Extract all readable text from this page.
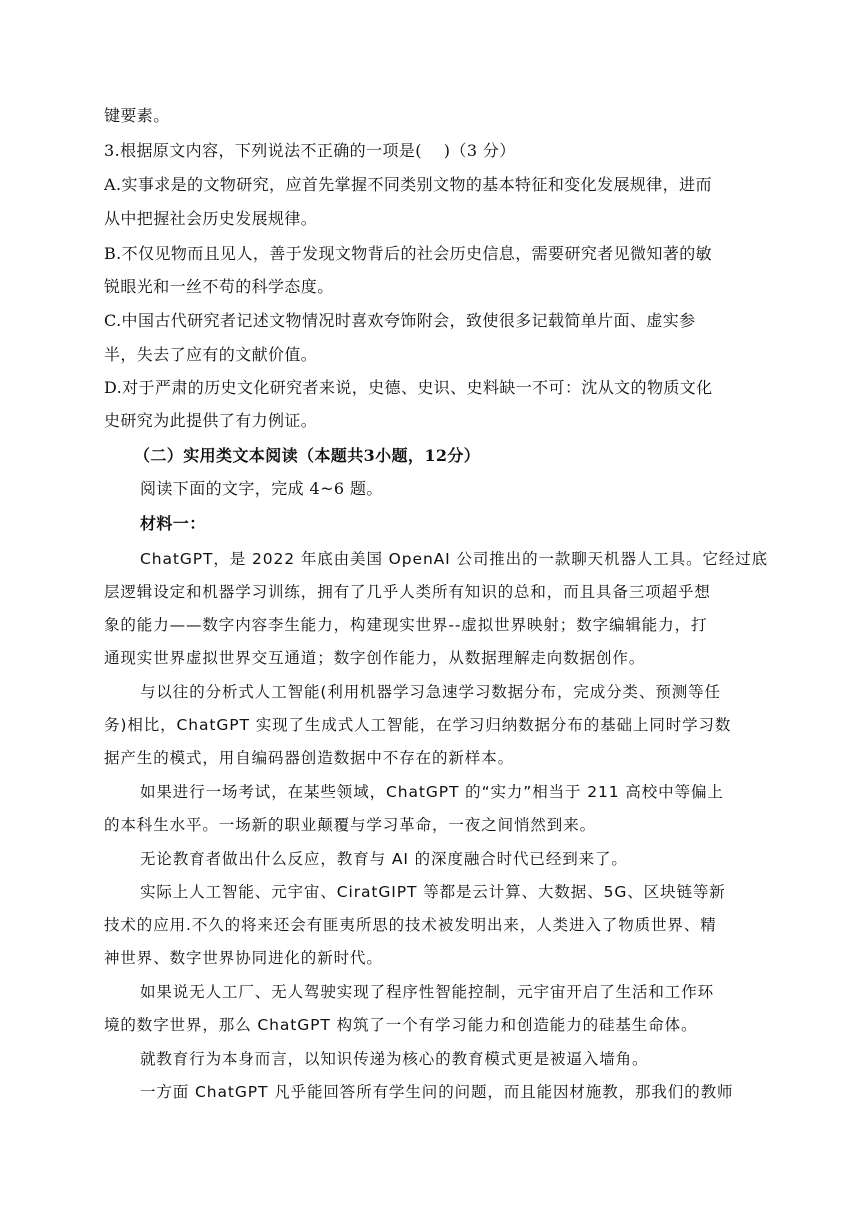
键要素。
3.根据原文内容，下列说法不正确的一项是(　 )（3 分）
A.实事求是的文物研究，应首先掌握不同类别文物的基本特征和变化发展规律，进而
从中把握社会历史发展规律。
B.不仅见物而且见人，善于发现文物背后的社会历史信息，需要研究者见微知著的敏
锐眼光和一丝不苟的科学态度。
C.中国古代研究者记述文物情况时喜欢夸饰附会，致使很多记载简单片面、虚实参
半，失去了应有的文献价值。
D.对于严肃的历史文化研究者来说，史德、史识、史料缺一不可：沈从文的物质文化
史研究为此提供了有力例证。
（二）实用类文本阅读（本题共3小题，12分）
阅读下面的文字，完成 4~6 题。
材料一：
ChatGPT，是 2022 年底由美国 OpenAI 公司推出的一款聊天机器人工具。它经过底
层逻辑设定和机器学习训练，拥有了几乎人类所有知识的总和，而且具备三项超乎想
象的能力——数字内容李生能力，构建现实世界--虚拟世界映射；数字编辑能力，打
通现实世界虚拟世界交互通道；数字创作能力，从数据理解走向数据创作。
与以往的分析式人工智能(利用机器学习急速学习数据分布，完成分类、预测等任
务)相比，ChatGPT 实现了生成式人工智能，在学习归纳数据分布的基础上同时学习数
据产生的模式，用自编码器创造数据中不存在的新样本。
如果进行一场考试，在某些领域，ChatGPT 的“实力”相当于 211 高校中等偏上
的本科生水平。一场新的职业颠覆与学习革命，一夜之间悄然到来。
无论教育者做出什么反应，教育与 AI 的深度融合时代已经到来了。
实际上人工智能、元宇宙、CiratGIPT 等都是云计算、大数据、5G、区块链等新
技术的应用.不久的将来还会有匪夷所思的技术被发明出来，人类进入了物质世界、精
神世界、数字世界协同进化的新时代。
如果说无人工厂、无人驾驶实现了程序性智能控制，元宇宙开启了生活和工作环
境的数字世界，那么 ChatGPT 构筑了一个有学习能力和创造能力的硅基生命体。
就教育行为本身而言，以知识传递为核心的教育模式更是被逼入墙角。
一方面 ChatGPT 凡乎能回答所有学生问的问题，而且能因材施教，那我们的教师
